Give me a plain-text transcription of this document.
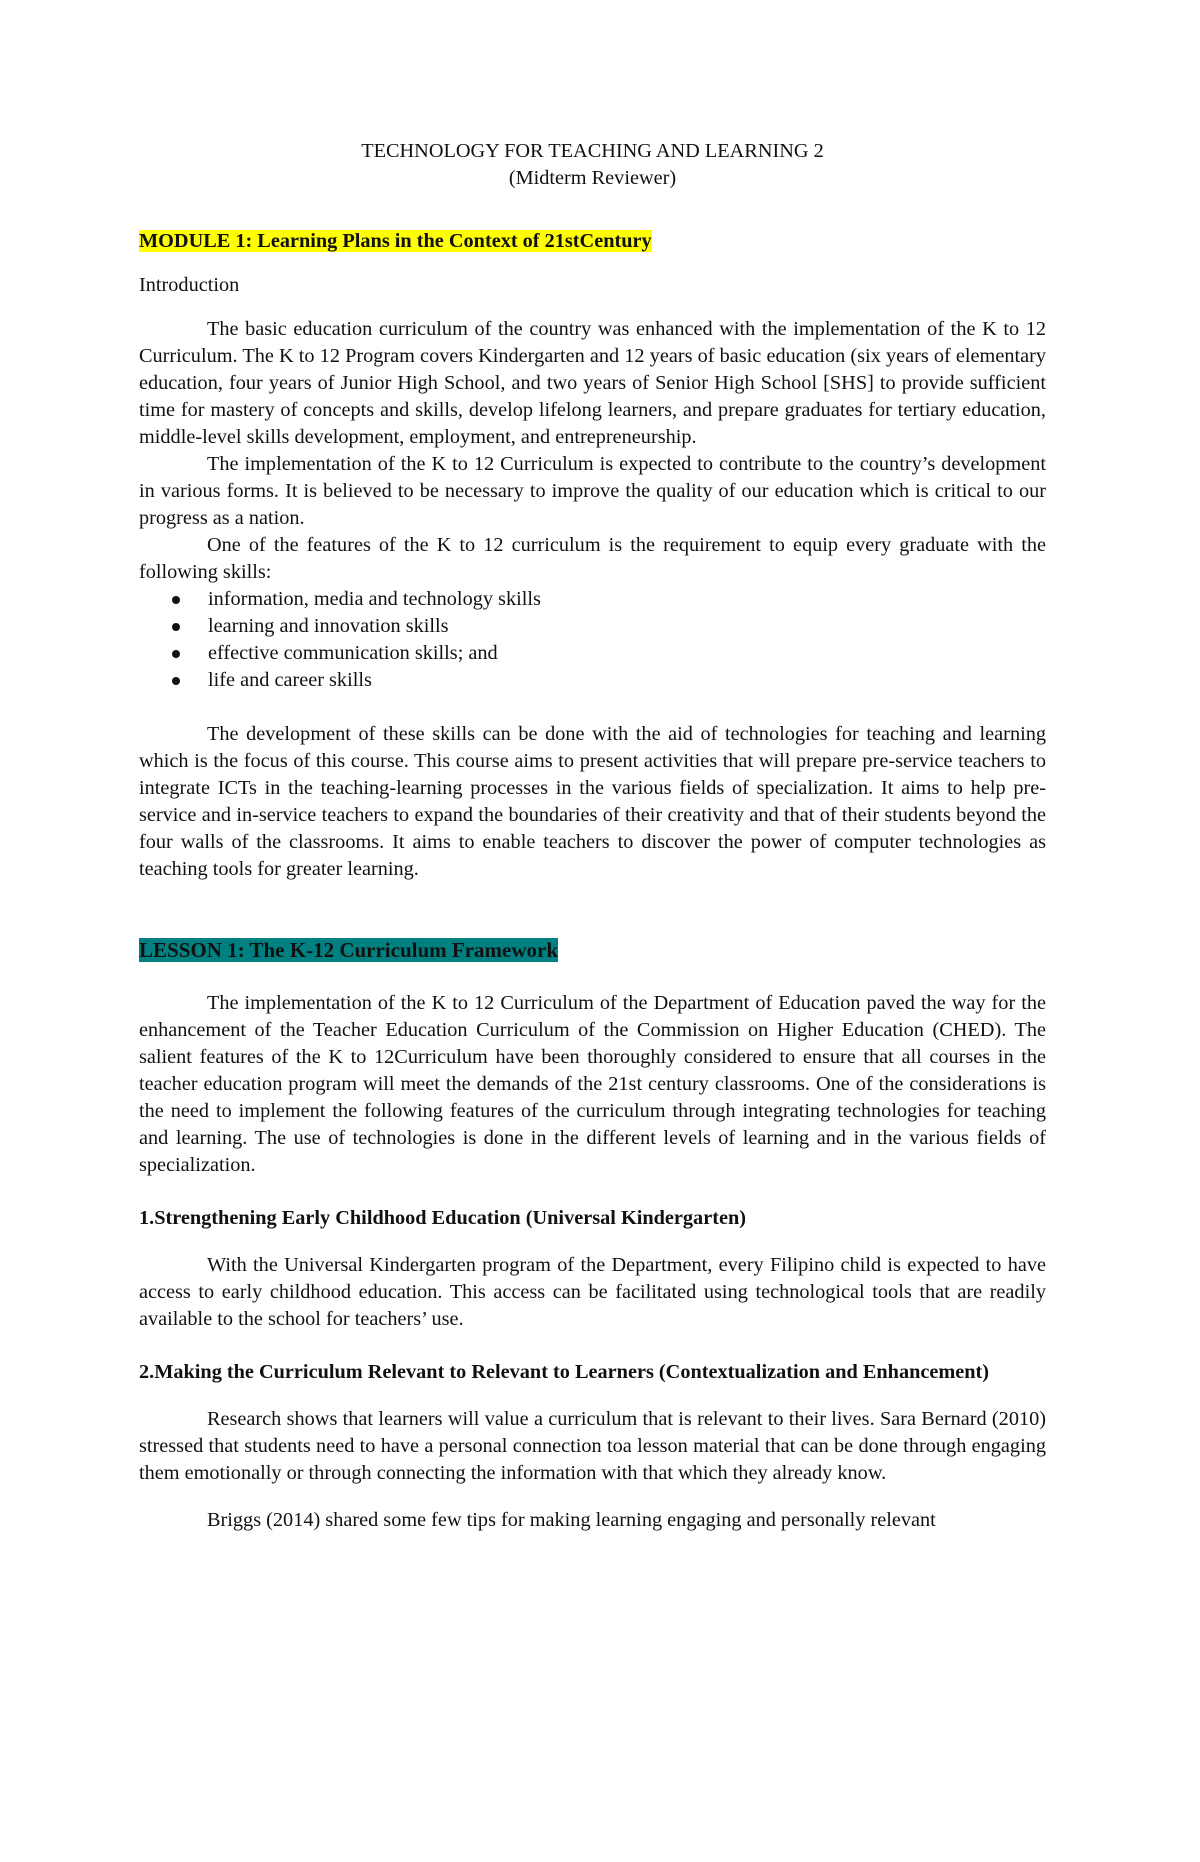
TECHNOLOGY FOR TEACHING AND LEARNING 2

(Midterm Reviewer)

MODULE 1: Learning Plans in the Context of 21stCentury

Introduction

The basic education curriculum of the country was enhanced with the implementation of the K to 12 Curriculum. The K to 12 Program covers Kindergarten and 12 years of basic education (six years of elementary education, four years of Junior High School, and two years of Senior High School [SHS] to provide sufficient time for mastery of concepts and skills, develop lifelong learners, and prepare graduates for tertiary education, middle-level skills development, employment, and entrepreneurship.

The implementation of the K to 12 Curriculum is expected to contribute to the country’s development in various forms. It is believed to be necessary to improve the quality of our education which is critical to our progress as a nation.

One of the features of the K to 12 curriculum is the requirement to equip every graduate with the following skills:

information, media and technology skills
learning and innovation skills
effective communication skills; and
life and career skills

The development of these skills can be done with the aid of technologies for teaching and learning which is the focus of this course. This course aims to present activities that will prepare pre-service teachers to integrate ICTs in the teaching-learning processes in the various fields of specialization. It aims to help pre-service and in-service teachers to expand the boundaries of their creativity and that of their students beyond the four walls of the classrooms. It aims to enable teachers to discover the power of computer technologies as teaching tools for greater learning.

LESSON 1: The K-12 Curriculum Framework

The implementation of the K to 12 Curriculum of the Department of Education paved the way for the enhancement of the Teacher Education Curriculum of the Commission on Higher Education (CHED). The salient features of the K to 12Curriculum have been thoroughly considered to ensure that all courses in the teacher education program will meet the demands of the 21st century classrooms. One of the considerations is the need to implement the following features of the curriculum through integrating technologies for teaching and learning. The use of technologies is done in the different levels of learning and in the various fields of specialization.

1.Strengthening Early Childhood Education (Universal Kindergarten)

With the Universal Kindergarten program of the Department, every Filipino child is expected to have access to early childhood education. This access can be facilitated using technological tools that are readily available to the school for teachers’ use.

2.Making the Curriculum Relevant to Relevant to Learners (Contextualization and Enhancement)

Research shows that learners will value a curriculum that is relevant to their lives. Sara Bernard (2010) stressed that students need to have a personal connection toa lesson material that can be done through engaging them emotionally or through connecting the information with that which they already know.

Briggs (2014) shared some few tips for making learning engaging and personally relevant
